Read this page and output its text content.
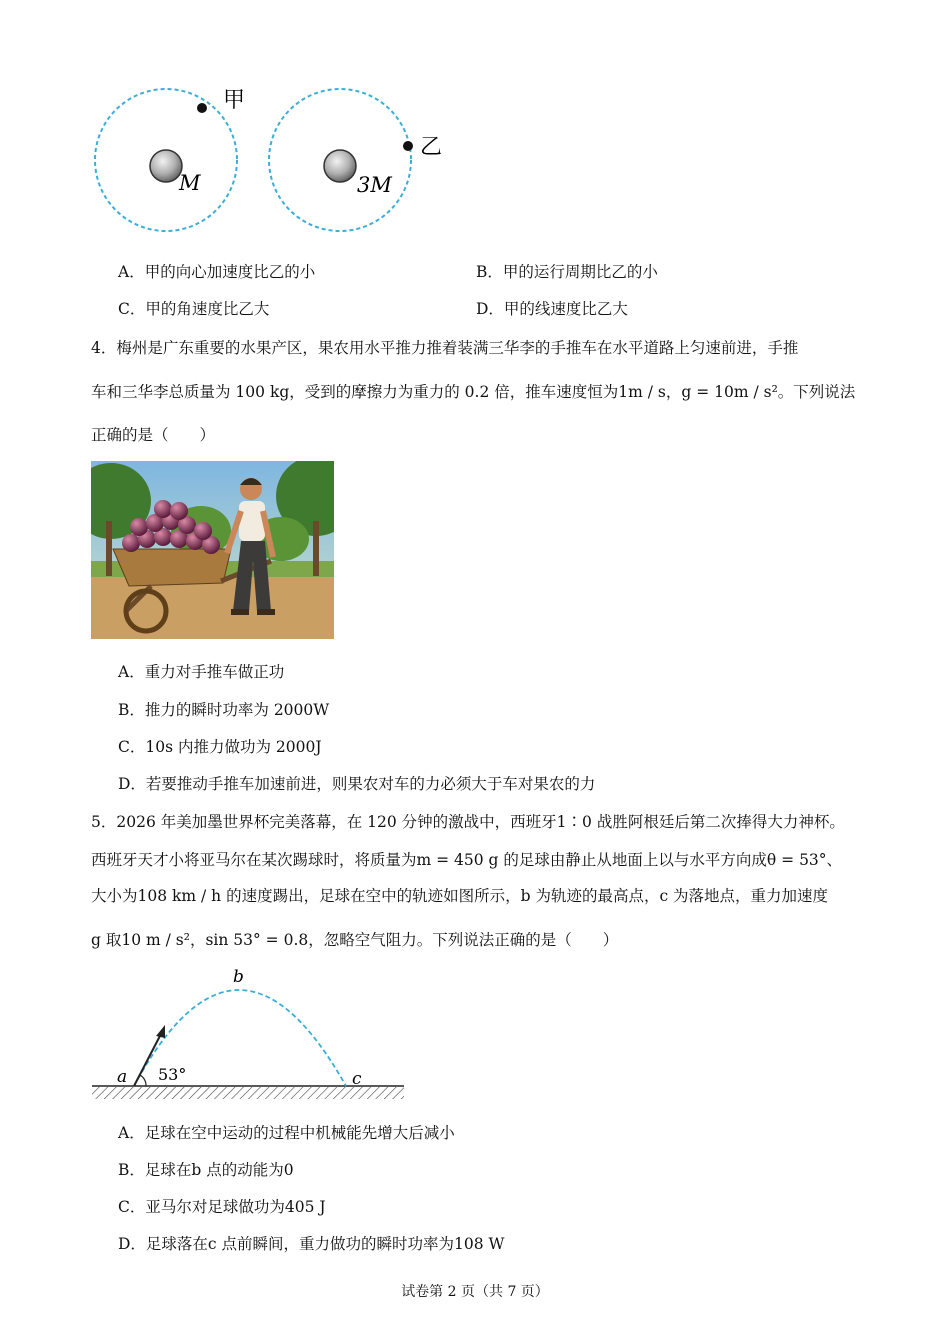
甲
乙
M	3M
A．甲的向心加速度比乙的小	B．甲的运行周期比乙的小
C．甲的角速度比乙大	D．甲的线速度比乙大
4．梅州是广东重要的水果产区，果农用水平推力推着装满三华李的手推车在水平道路上匀速前进，手推
车和三华李总质量为 100 kg，受到的摩擦力为重力的 0.2 倍，推车速度恒为1m / s，g = 10m / s²。下列说法
正确的是（　　）
A．重力对手推车做正功
B．推力的瞬时功率为 2000W
C．10s 内推力做功为 2000J
D．若要推动手推车加速前进，则果农对车的力必须大于车对果农的力
5．2026 年美加墨世界杯完美落幕，在 120 分钟的激战中，西班牙1∶0 战胜阿根廷后第二次捧得大力神杯。
西班牙天才小将亚马尔在某次踢球时，将质量为m = 450 g 的足球由静止从地面上以与水平方向成θ = 53°、
大小为108 km / h 的速度踢出，足球在空中的轨迹如图所示，b 为轨迹的最高点，c 为落地点，重力加速度
g 取10 m / s²，sin 53° = 0.8，忽略空气阻力。下列说法正确的是（　　）
a
b
c
53°
A．足球在空中运动的过程中机械能先增大后减小
B．足球在b 点的动能为0
C．亚马尔对足球做功为405 J
D．足球落在c 点前瞬间，重力做功的瞬时功率为108 W
试卷第 2 页（共 7 页）
